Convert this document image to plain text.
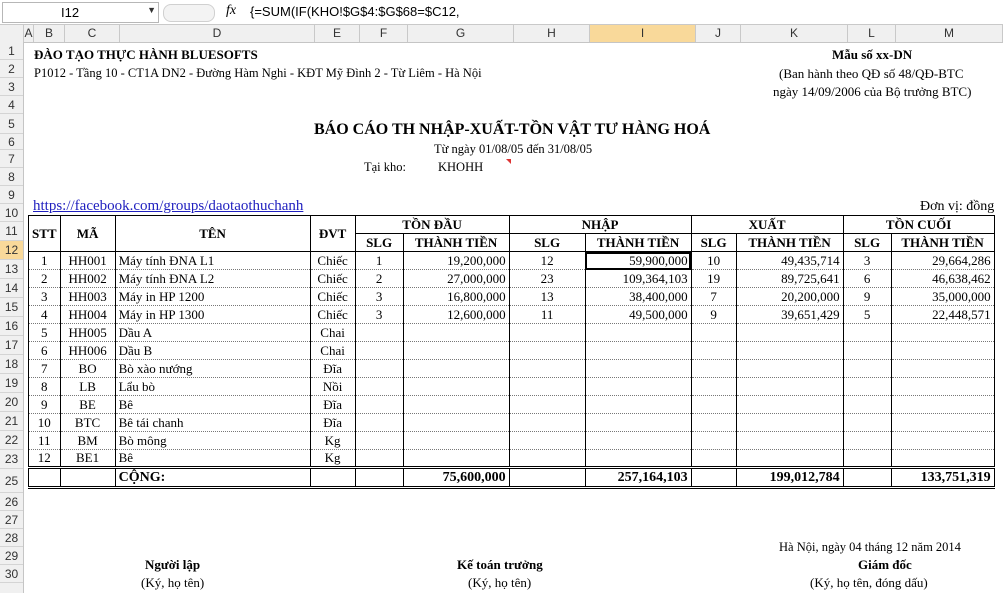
I12	▼	fx {=SUM(IF(KHO!$G$4:$G$68=$C12,
A	B	C	D	E	F	G	H	I	J	K	L	M
1
2
3
4
5
6
7
8
9
10
11
12
13
14
15
16
17
18
19
20
21
22
23
25
26
27
28
29
30
ĐÀO TẠO THỰC HÀNH BLUESOFTS
P1012 - Tầng 10 - CT1A DN2 - Đường Hàm Nghi - KĐT Mỹ Đình 2 - Từ Liêm - Hà Nội
Mẫu số xx-DN
(Ban hành theo QĐ số 48/QĐ-BTC
ngày 14/09/2006 của Bộ trưởng BTC)
BÁO CÁO TH NHẬP-XUẤT-TỒN VẬT TƯ HÀNG HOÁ
Từ ngày 01/08/05 đến 31/08/05
Tại kho:	KHOHH
https://facebook.com/groups/daotaothuchanh	Đơn vị: đồng
STT	MÃ	TÊN	ĐVT	TỒN ĐẦU		NHẬP		XUẤT		TỒN CUỐI	
				SLG	THÀNH TIỀN	SLG	THÀNH TIỀN	SLG	THÀNH TIỀN	SLG	THÀNH TIỀN
1	HH001	Máy tính ĐNA L1	Chiếc	1	19,200,000	12	59,900,000	10	49,435,714	3	29,664,286
2	HH002	Máy tính ĐNA L2	Chiếc	2	27,000,000	23	109,364,103	19	89,725,641	6	46,638,462
3	HH003	Máy in HP 1200	Chiếc	3	16,800,000	13	38,400,000	7	20,200,000	9	35,000,000
4	HH004	Máy in HP 1300	Chiếc	3	12,600,000	11	49,500,000	9	39,651,429	5	22,448,571
5	HH005	Dầu A	Chai								
6	HH006	Dầu B	Chai								
7	BO	Bò xào nướng	Đĩa								
8	LB	Lẩu bò	Nồi								
9	BE	Bê	Đĩa								
10	BTC	Bê tái chanh	Đĩa								
11	BM	Bò mông	Kg								
12	BE1	Bê	Kg								
		CỘNG:			75,600,000		257,164,103		199,012,784		133,751,319
Hà Nội, ngày 04 tháng 12 năm 2014
Người lập
(Ký, họ tên)
Kế toán trưởng
(Ký, họ tên)
Giám đốc
(Ký, họ tên, đóng dấu)
